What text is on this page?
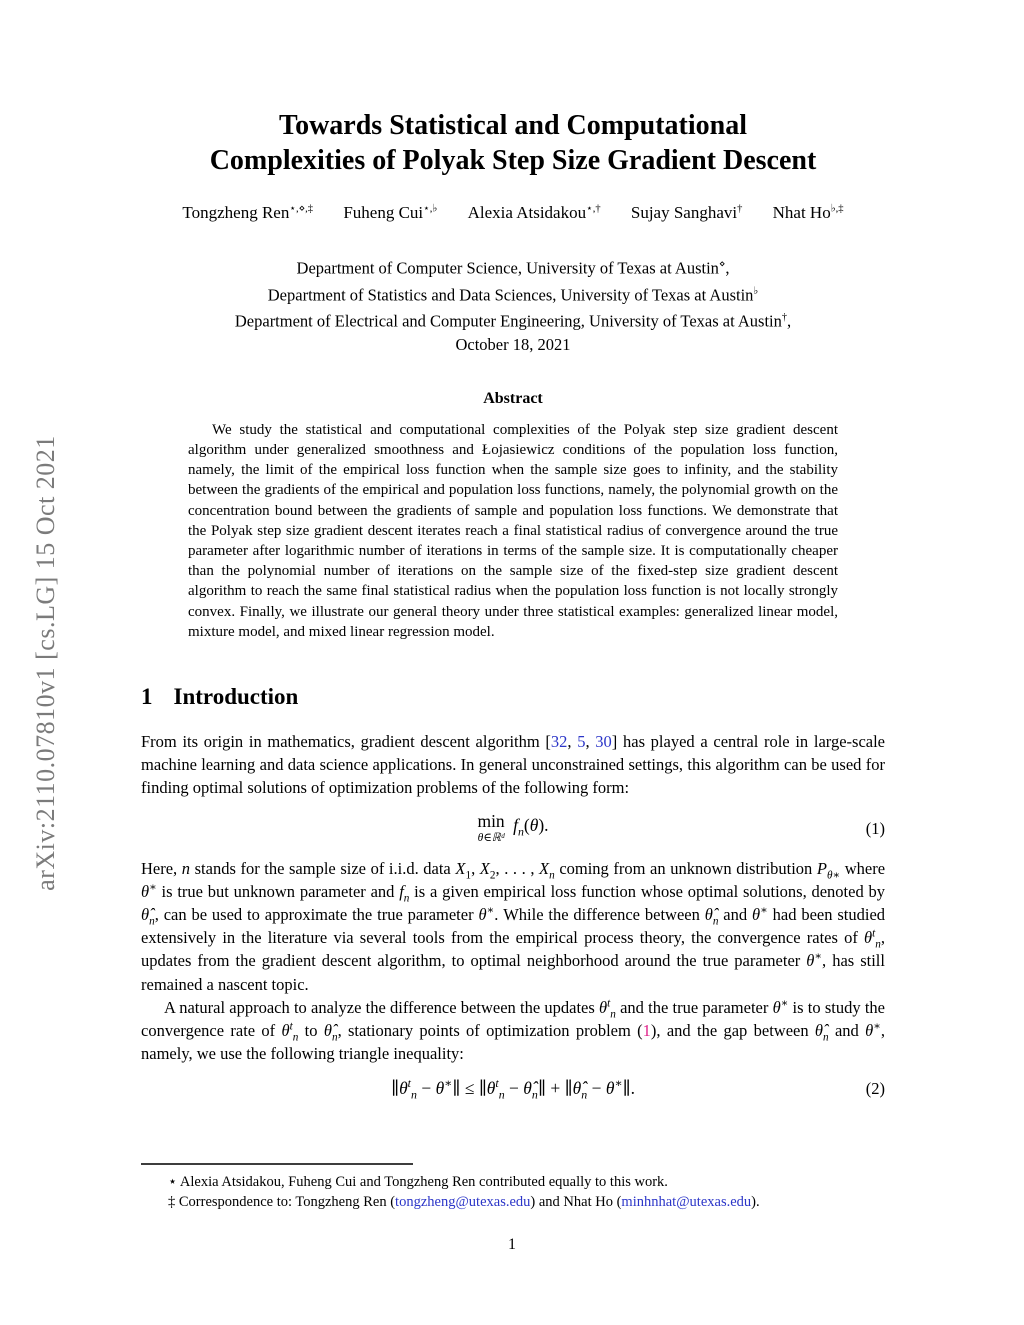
arXiv:2110.07810v1 [cs.LG] 15 Oct 2021
Towards Statistical and Computational
Complexities of Polyak Step Size Gradient Descent
Tongzheng Ren⋆,⋄,‡ Fuheng Cui⋆,♭ Alexia Atsidakou⋆,† Sujay Sanghavi† Nhat Ho♭,‡
Department of Computer Science, University of Texas at Austin⋄,
Department of Statistics and Data Sciences, University of Texas at Austin♭
Department of Electrical and Computer Engineering, University of Texas at Austin†,
October 18, 2021
Abstract

We study the statistical and computational complexities of the Polyak step size gradient descent algorithm under generalized smoothness and Łojasiewicz conditions of the population loss function, namely, the limit of the empirical loss function when the sample size goes to infinity, and the stability between the gradients of the empirical and population loss functions, namely, the polynomial growth on the concentration bound between the gradients of sample and population loss functions. We demonstrate that the Polyak step size gradient descent iterates reach a final statistical radius of convergence around the true parameter after logarithmic number of iterations in terms of the sample size. It is computationally cheaper than the polynomial number of iterations on the sample size of the fixed-step size gradient descent algorithm to reach the same final statistical radius when the population loss function is not locally strongly convex. Finally, we illustrate our general theory under three statistical examples: generalized linear model, mixture model, and mixed linear regression model.

1 Introduction

From its origin in mathematics, gradient descent algorithm [32, 5, 30] has played a central role in large-scale machine learning and data science applications. In general unconstrained settings, this algorithm can be used for finding optimal solutions of optimization problems of the following form:

min
θ∈ℝᵈ
$f_n(\theta)$.	(1)

Here, n stands for the sample size of i.i.d. data $X_1$, $X_2$, . . . , $X_n$ coming from an unknown distribution $P_{\theta∗}$ where θ∗ is true but unknown parameter and $f_n$ is a given empirical loss function whose optimal solutions, denoted by $\thetâ_n$, can be used to approximate the true parameter θ∗. While the difference between $\thetâ_n$ and θ∗ had been studied extensively in the literature via several tools from the empirical process theory, the convergence rates of $\theta^t_n$, updates from the gradient descent algorithm, to optimal neighborhood around the true parameter θ∗, has still remained a nascent topic.

A natural approach to analyze the difference between the updates $\theta^t_n$ and the true parameter θ∗ is to study the convergence rate of $\theta^t_n$ to $\thetâ_n$, stationary points of optimization problem (1), and the gap between $\thetâ_n$ and θ∗, namely, we use the following triangle inequality:

$\parallel\theta^t_n$ − θ∗∥ ≤ $\parallel\theta^t_n$ − $\thetâ_n\parallel$ + $\parallel\thetâ_n$ − θ∗∥.	(2)

⋆ Alexia Atsidakou, Fuheng Cui and Tongzheng Ren contributed equally to this work.

‡ Correspondence to: Tongzheng Ren (tongzheng@utexas.edu) and Nhat Ho (minhnhat@utexas.edu).

1
